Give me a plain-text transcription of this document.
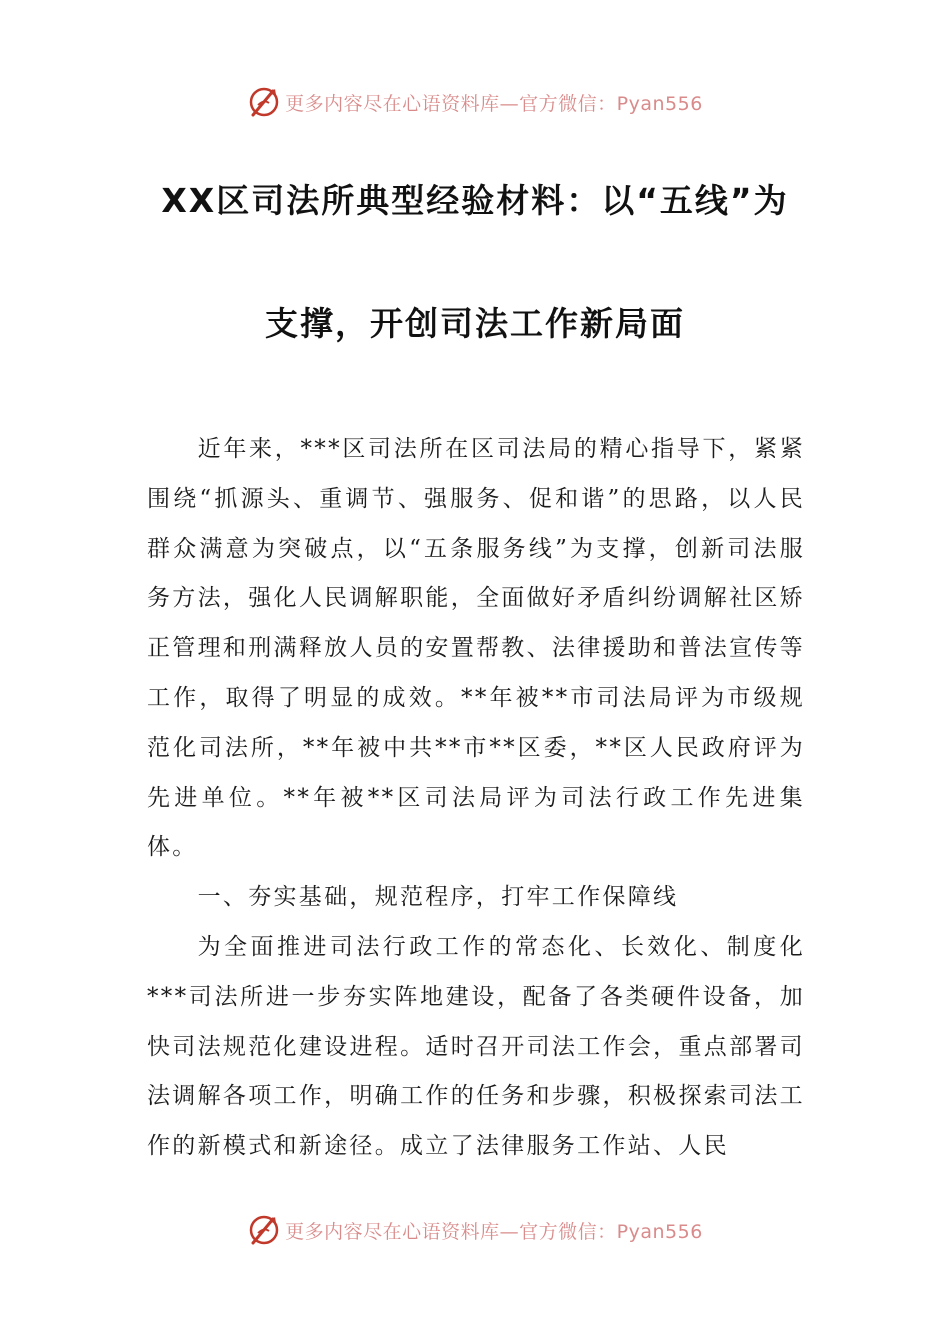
更多内容尽在心语资料库—官方微信：Pyan556
XX区司法所典型经验材料：以“五线”为
支撑，开创司法工作新局面

近年来，***区司法所在区司法局的精心指导下，紧紧围绕“抓源头、重调节、强服务、促和谐”的思路，以人民群众满意为突破点，以“五条服务线”为支撑，创新司法服务方法，强化人民调解职能，全面做好矛盾纠纷调解社区矫正管理和刑满释放人员的安置帮教、法律援助和普法宣传等工作，取得了明显的成效。**年被**市司法局评为市级规范化司法所，**年被中共**市**区委，**区人民政府评为先进单位。**年被**区司法局评为司法行政工作先进集体。

一、夯实基础，规范程序，打牢工作保障线

为全面推进司法行政工作的常态化、长效化、制度化***司法所进一步夯实阵地建设，配备了各类硬件设备，加快司法规范化建设进程。适时召开司法工作会，重点部署司法调解各项工作，明确工作的任务和步骤，积极探索司法工作的新模式和新途径。成立了法律服务工作站、人民

更多内容尽在心语资料库—官方微信：Pyan556
